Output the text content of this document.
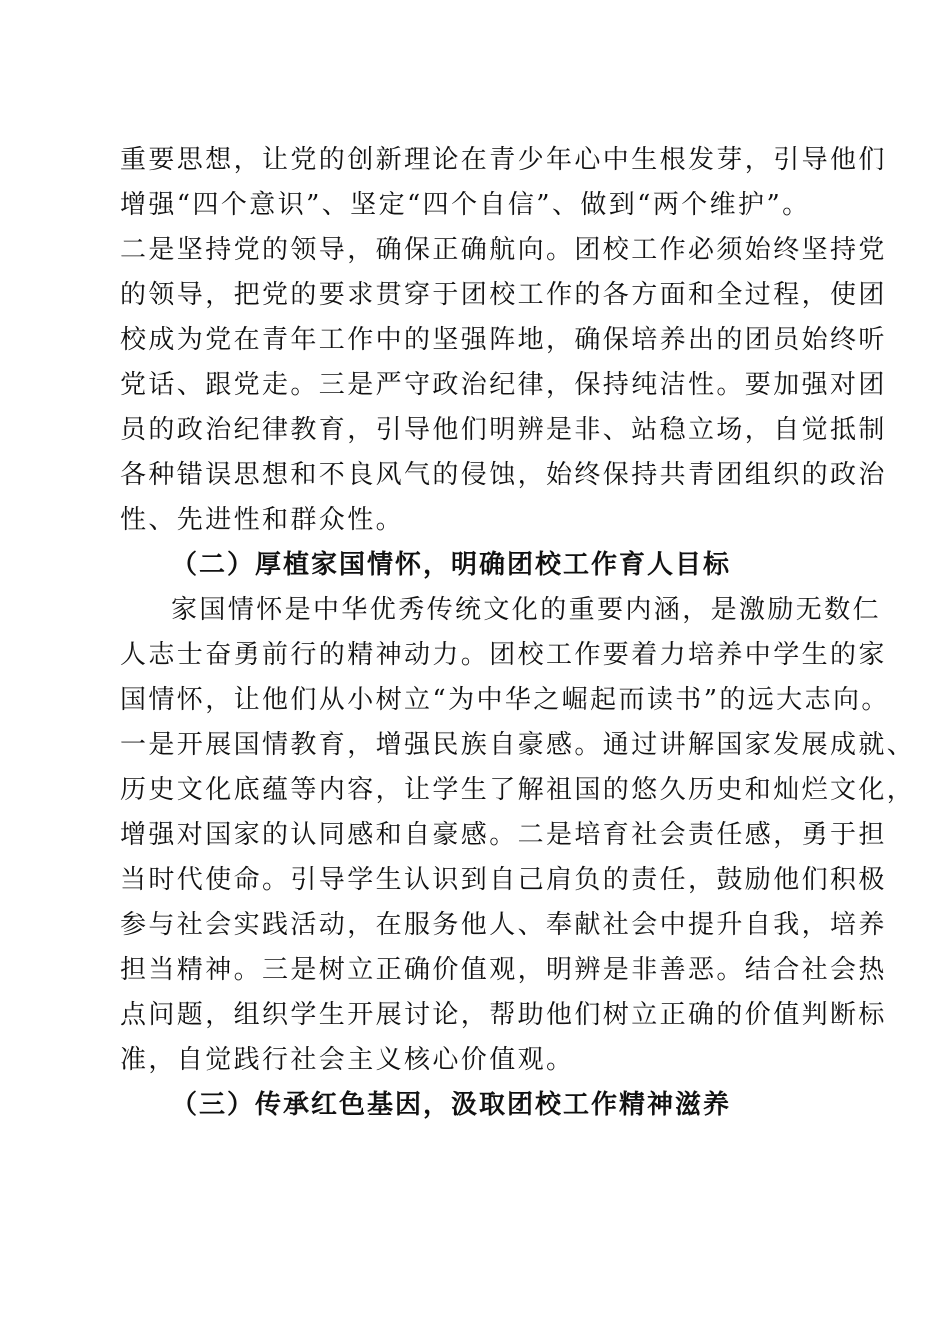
重要思想，让党的创新理论在青少年心中生根发芽，引导他们
增强“四个意识”、坚定“四个自信”、做到“两个维护”。
二是坚持党的领导，确保正确航向。团校工作必须始终坚持党
的领导，把党的要求贯穿于团校工作的各方面和全过程，使团
校成为党在青年工作中的坚强阵地，确保培养出的团员始终听
党话、跟党走。三是严守政治纪律，保持纯洁性。要加强对团
员的政治纪律教育，引导他们明辨是非、站稳立场，自觉抵制
各种错误思想和不良风气的侵蚀，始终保持共青团组织的政治
性、先进性和群众性。
（二）厚植家国情怀，明确团校工作育人目标
家国情怀是中华优秀传统文化的重要内涵，是激励无数仁
人志士奋勇前行的精神动力。团校工作要着力培养中学生的家
国情怀，让他们从小树立“为中华之崛起而读书”的远大志向。
一是开展国情教育，增强民族自豪感。通过讲解国家发展成就、
历史文化底蕴等内容，让学生了解祖国的悠久历史和灿烂文化，
增强对国家的认同感和自豪感。二是培育社会责任感，勇于担
当时代使命。引导学生认识到自己肩负的责任，鼓励他们积极
参与社会实践活动，在服务他人、奉献社会中提升自我，培养
担当精神。三是树立正确价值观，明辨是非善恶。结合社会热
点问题，组织学生开展讨论，帮助他们树立正确的价值判断标
准，自觉践行社会主义核心价值观。
（三）传承红色基因，汲取团校工作精神滋养
